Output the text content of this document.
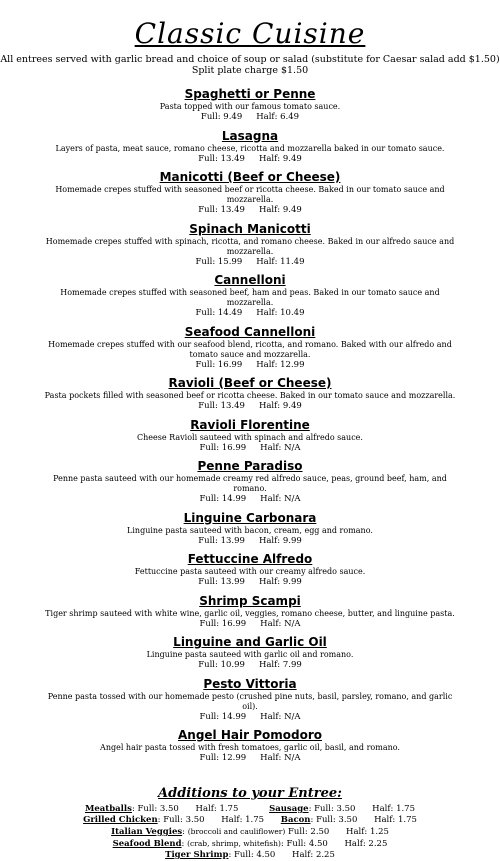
Classic Cuisine
All entrees served with garlic bread and choice of soup or salad (substitute for Caesar salad add $1.50)
Split plate charge $1.50
Spaghetti or Penne
Pasta topped with our famous tomato sauce.
Full: 9.49 Half: 6.49
Lasagna
Layers of pasta, meat sauce, romano cheese, ricotta and mozzarella baked in our tomato sauce.
Full: 13.49 Half: 9.49
Manicotti (Beef or Cheese)
Homemade crepes stuffed with seasoned beef or ricotta cheese. Baked in our tomato sauce and mozzarella.
Full: 13.49 Half: 9.49
Spinach Manicotti
Homemade crepes stuffed with spinach, ricotta, and romano cheese. Baked in our alfredo sauce and mozzarella.
Full: 15.99 Half: 11.49
Cannelloni
Homemade crepes stuffed with seasoned beef, ham and peas. Baked in our tomato sauce and mozzarella.
Full: 14.49 Half: 10.49
Seafood Cannelloni
Homemade crepes stuffed with our seafood blend, ricotta, and romano. Baked with our alfredo and tomato sauce and mozzarella.
Full: 16.99 Half: 12.99
Ravioli (Beef or Cheese)
Pasta pockets filled with seasoned beef or ricotta cheese. Baked in our tomato sauce and mozzarella.
Full: 13.49 Half: 9.49
Ravioli Florentine
Cheese Ravioli sauteed with spinach and alfredo sauce.
Full: 16.99 Half: N/A
Penne Paradiso
Penne pasta sauteed with our homemade creamy red alfredo sauce, peas, ground beef, ham, and romano.
Full: 14.99 Half: N/A
Linguine Carbonara
Linguine pasta sauteed with bacon, cream, egg and romano.
Full: 13.99 Half: 9.99
Fettuccine Alfredo
Fettuccine pasta sauteed with our creamy alfredo sauce.
Full: 13.99 Half: 9.99
Shrimp Scampi
Tiger shrimp sauteed with white wine, garlic oil, veggies, romano cheese, butter, and linguine pasta.
Full: 16.99 Half: N/A
Linguine and Garlic Oil
Linguine pasta sauteed with garlic oil and romano.
Full: 10.99 Half: 7.99
Pesto Vittoria
Penne pasta tossed with our homemade pesto (crushed pine nuts, basil, parsley, romano, and garlic oil).
Full: 14.99 Half: N/A
Angel Hair Pomodoro
Angel hair pasta tossed with fresh tomatoes, garlic oil, basil, and romano.
Full: 12.99 Half: N/A
Additions to your Entree:
Meatballs: Full: 3.50 Half: 1.75	Sausage: Full: 3.50 Half: 1.75
Grilled Chicken: Full: 3.50 Half: 1.75 Bacon: Full: 3.50 Half: 1.75
Italian Veggies: (broccoli and cauliflower) Full: 2.50 Half: 1.25
Seafood Blend: (crab, shrimp, whitefish): Full: 4.50 Half: 2.25
Tiger Shrimp: Full: 4.50 Half: 2.25
